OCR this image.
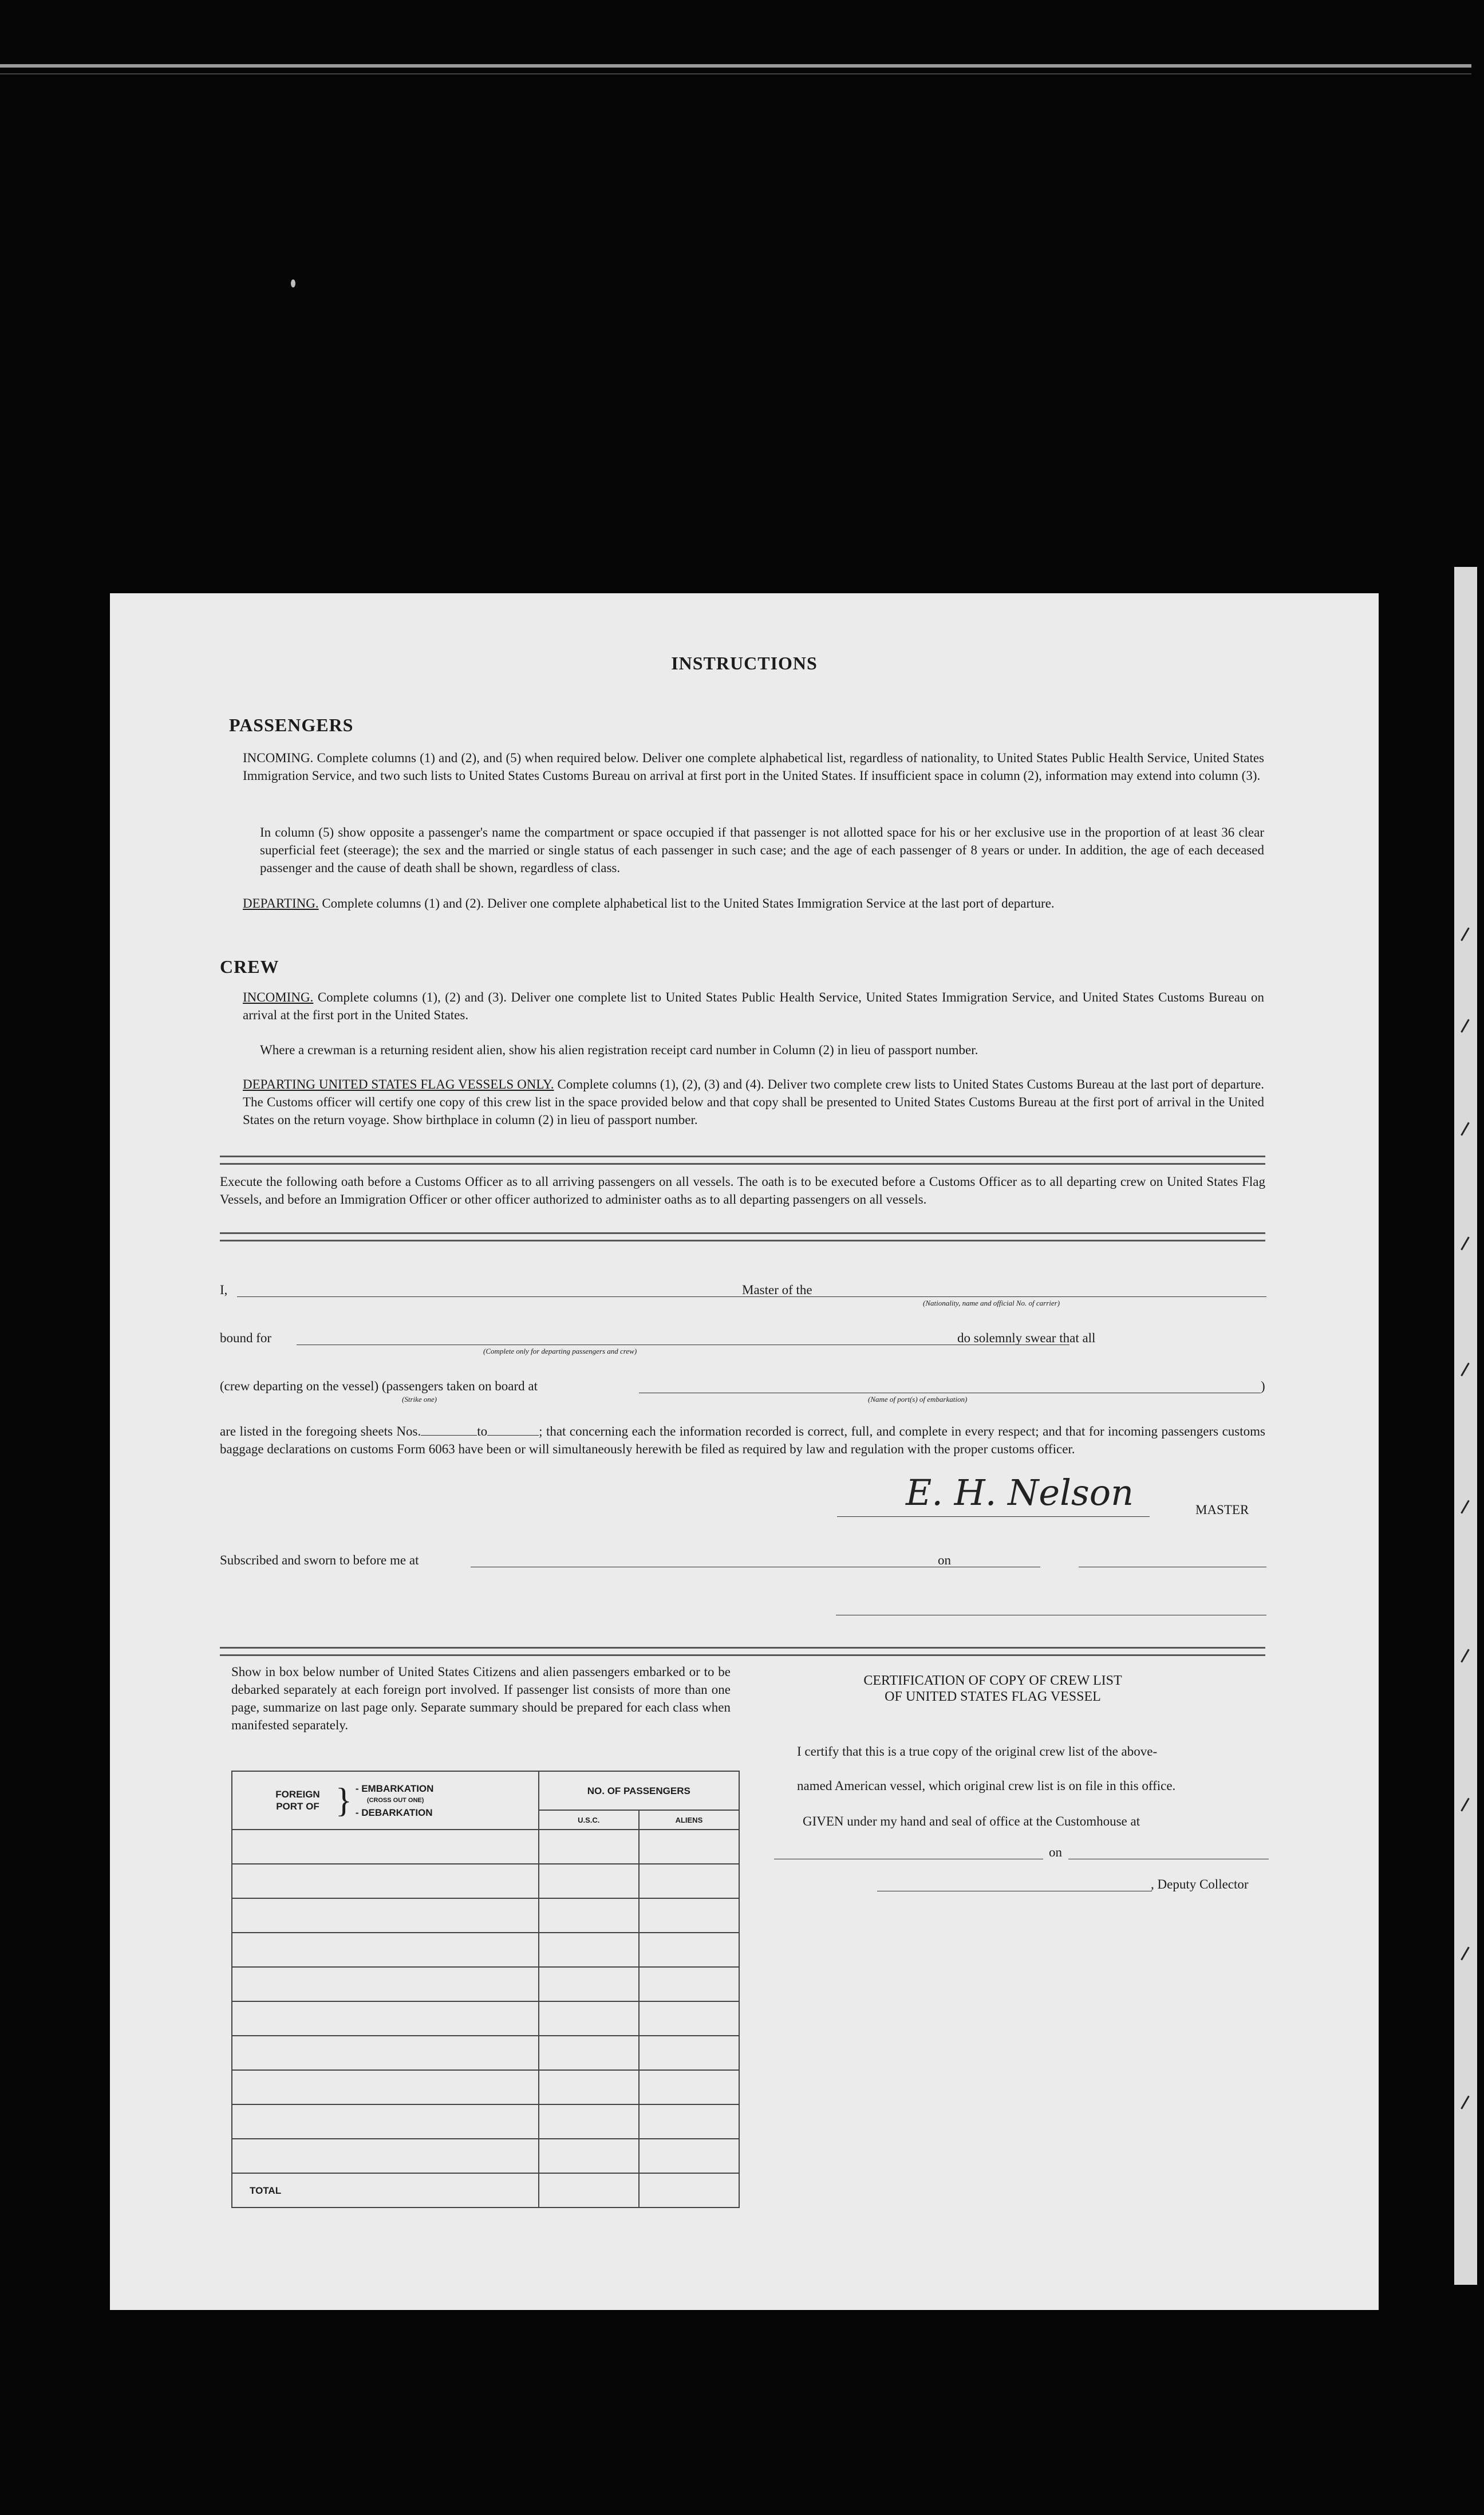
INSTRUCTIONS
PASSENGERS
INCOMING. Complete columns (1) and (2), and (5) when required below. Deliver one complete alphabetical list, regardless of nationality, to United States Public Health Service, United States Immigration Service, and two such lists to United States Customs Bureau on arrival at first port in the United States. If insufficient space in column (2), information may extend into column (3).
In column (5) show opposite a passenger's name the compartment or space occupied if that passenger is not allotted space for his or her exclusive use in the proportion of at least 36 clear superficial feet (steerage); the sex and the married or single status of each passenger in such case; and the age of each passenger of 8 years or under. In addition, the age of each deceased passenger and the cause of death shall be shown, regardless of class.
DEPARTING. Complete columns (1) and (2). Deliver one complete alphabetical list to the United States Immigration Service at the last port of departure.
CREW
INCOMING. Complete columns (1), (2) and (3). Deliver one complete list to United States Public Health Service, United States Immigration Service, and United States Customs Bureau on arrival at the first port in the United States.
Where a crewman is a returning resident alien, show his alien registration receipt card number in Column (2) in lieu of passport number.
DEPARTING UNITED STATES FLAG VESSELS ONLY. Complete columns (1), (2), (3) and (4). Deliver two complete crew lists to United States Customs Bureau at the last port of departure. The Customs officer will certify one copy of this crew list in the space provided below and that copy shall be presented to United States Customs Bureau at the first port of arrival in the United States on the return voyage. Show birthplace in column (2) in lieu of passport number.
Execute the following oath before a Customs Officer as to all arriving passengers on all vessels. The oath is to be executed before a Customs Officer as to all departing crew on United States Flag Vessels, and before an Immigration Officer or other officer authorized to administer oaths as to all departing passengers on all vessels.
I,	Master of the
(Nationality, name and official No. of carrier)
bound for
(Complete only for departing passengers and crew)
do solemnly swear that all
(crew departing on the vessel) (passengers taken on board at
(Strike one)	(Name of port(s) of embarkation)
)
are listed in the foregoing sheets Nos.	to	; that concerning each the information recorded is correct, full, and complete in every respect; and that for incoming passengers customs baggage declarations on customs Form 6063 have been or will simultaneously herewith be filed as required by law and regulation with the proper customs officer.
E. H. Nelson	MASTER
Subscribed and sworn to before me at	on
Show in box below number of United States Citizens and alien passengers embarked or to be debarked separately at each foreign port involved. If passenger list consists of more than one page, summarize on last page only. Separate summary should be prepared for each class when manifested separately.
FOREIGN PORT OF } - EMBARKATION
(CROSS OUT ONE)
- DEBARKATION	NO. OF PASSENGERS	
	U.S.C.	ALIENS

TOTAL		
CERTIFICATION OF COPY OF CREW LIST
OF UNITED STATES FLAG VESSEL
I certify that this is a true copy of the original crew list of the above-
named American vessel, which original crew list is on file in this office.
GIVEN under my hand and seal of office at the Customhouse at
on
, Deputy Collector
